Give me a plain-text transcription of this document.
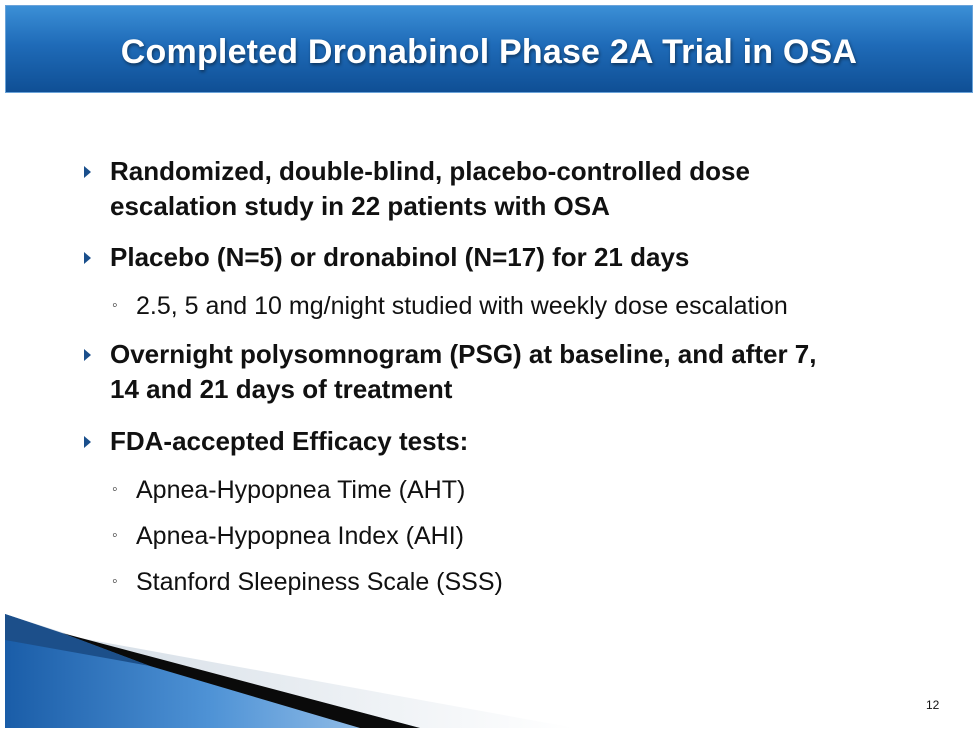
Completed Dronabinol Phase 2A Trial in OSA
Randomized, double-blind, placebo-controlled dose
escalation study in 22 patients with OSA
Placebo (N=5) or dronabinol (N=17) for 21 days
◦ 2.5, 5 and 10 mg/night studied with weekly dose escalation
Overnight polysomnogram (PSG) at baseline, and after 7,
14 and 21 days of treatment
FDA-accepted Efficacy tests:
◦ Apnea-Hypopnea Time (AHT)
◦ Apnea-Hypopnea Index (AHI)
◦ Stanford Sleepiness Scale (SSS)
12
